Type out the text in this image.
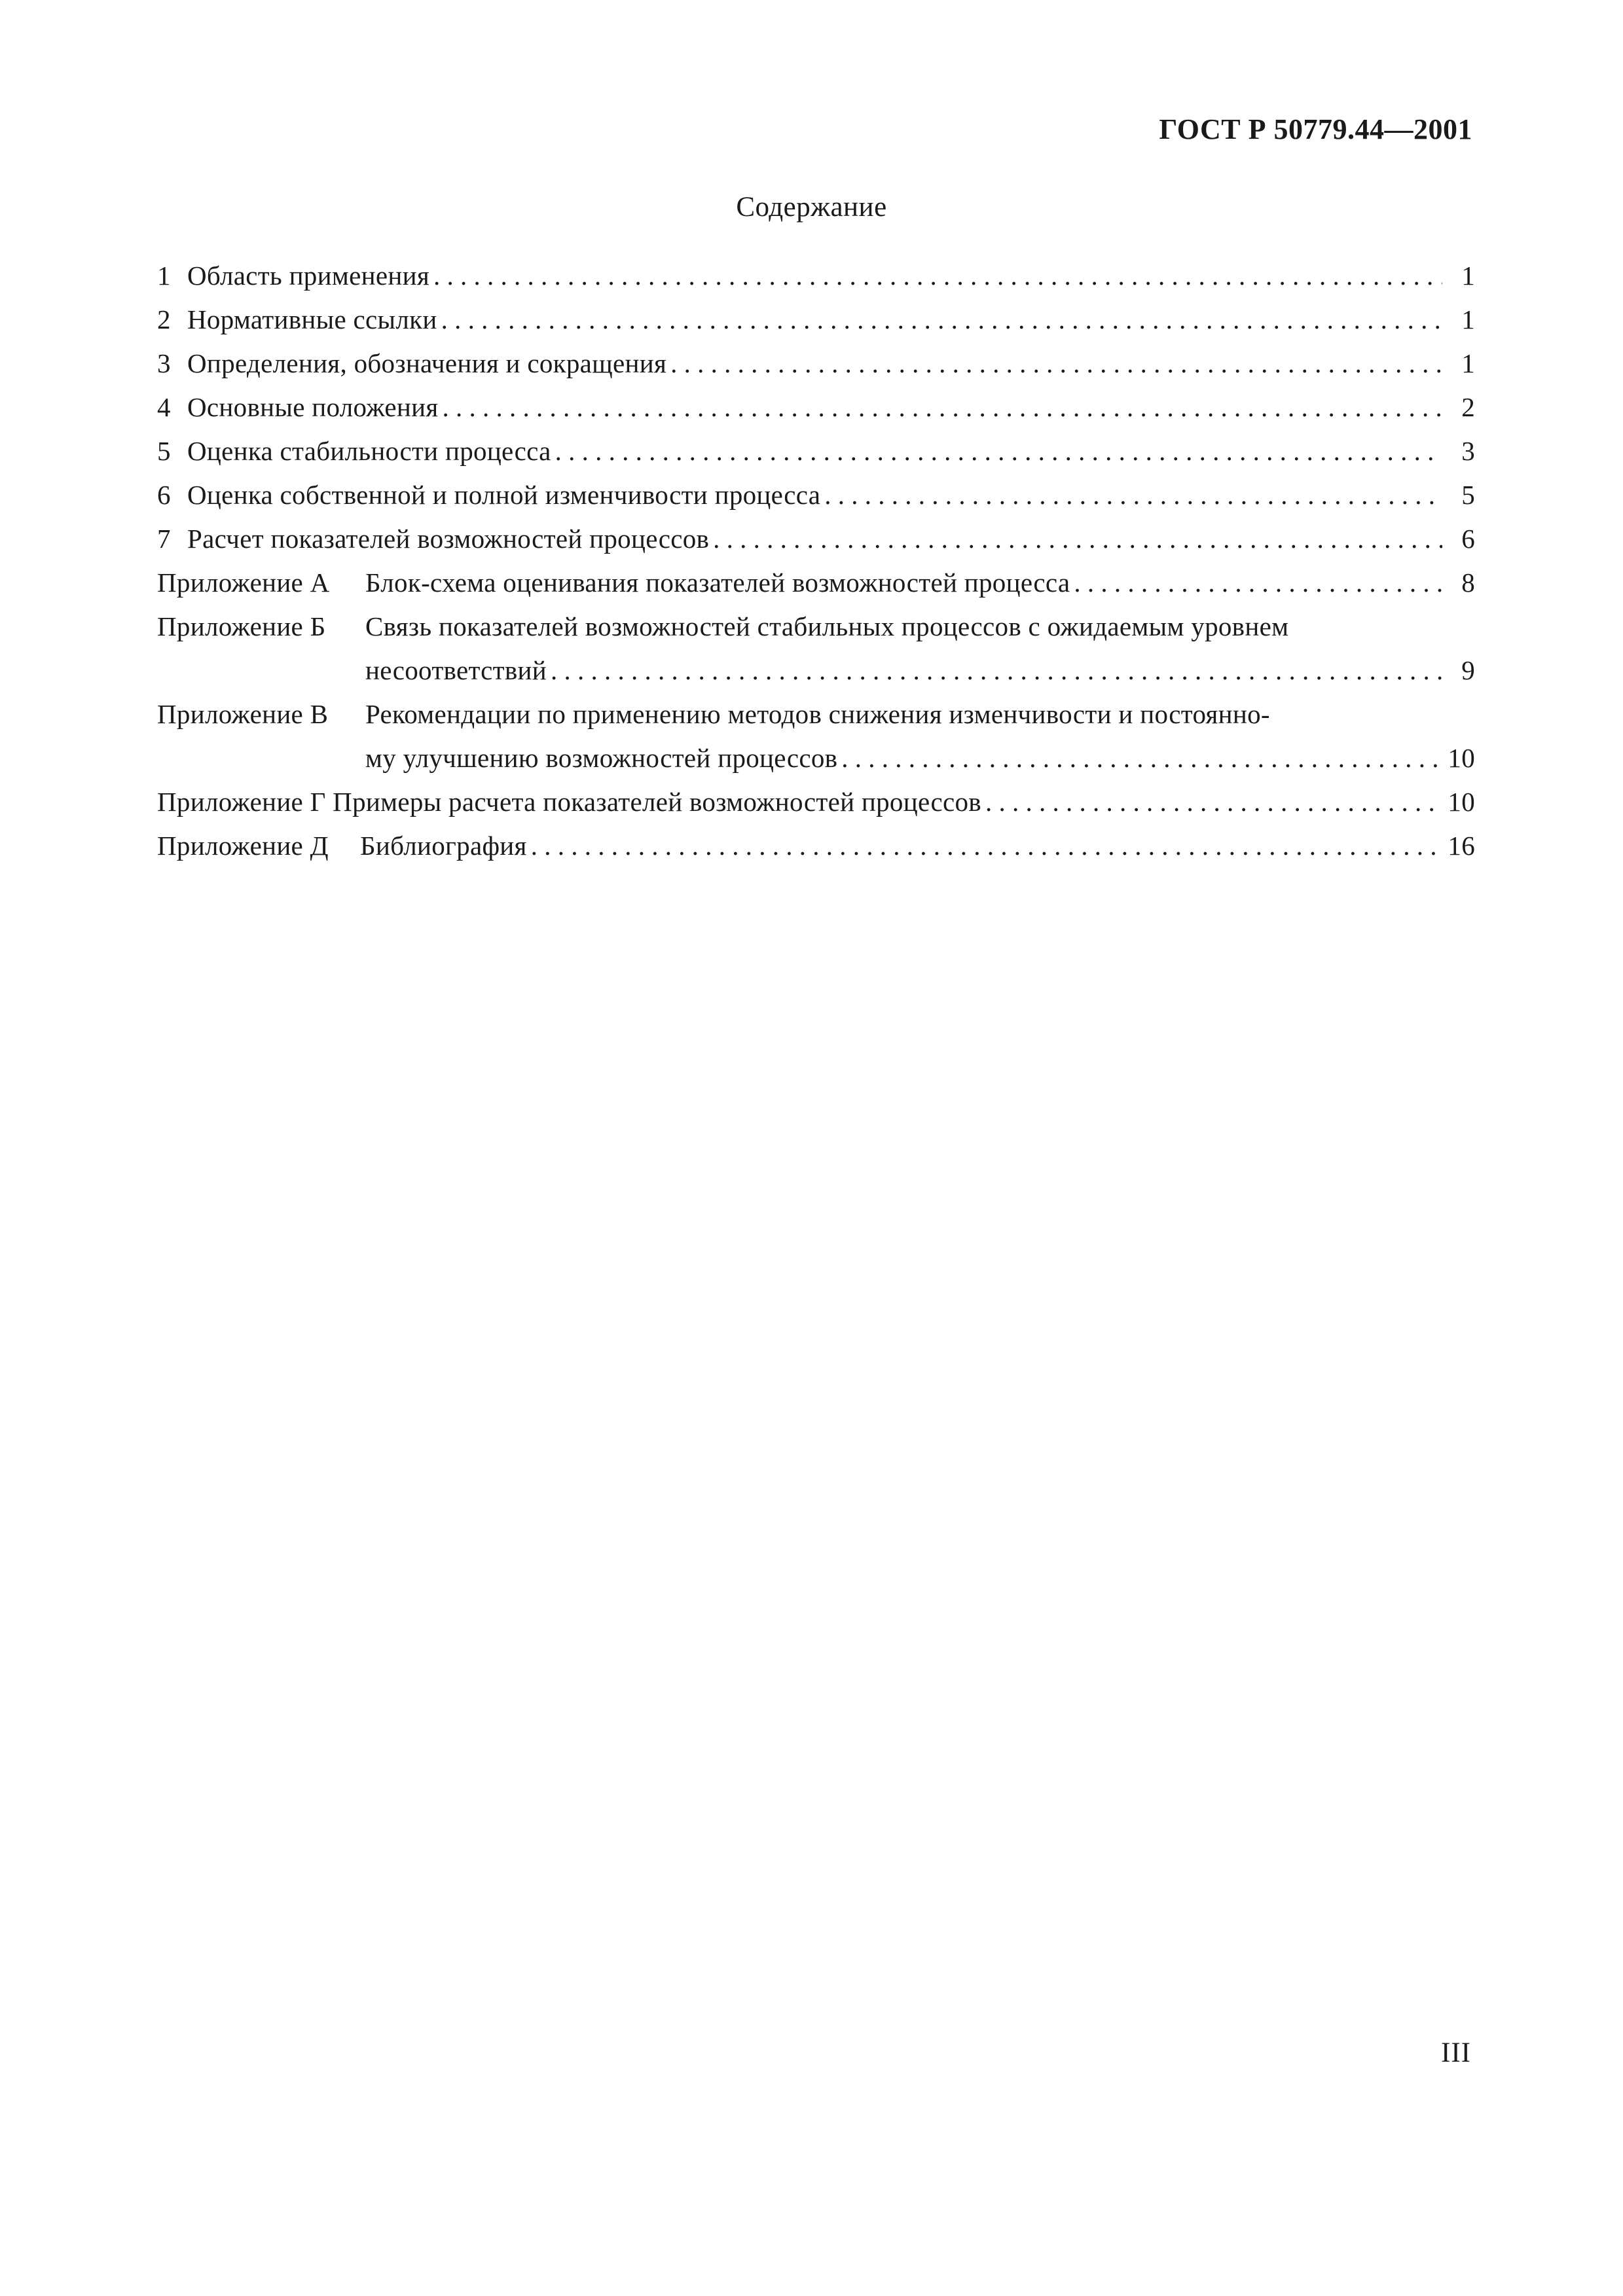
ГОСТ Р 50779.44—2001
Содержание
1 Область применения . . .	1
2 Нормативные ссылки . . .	1
3 Определения, обозначения и сокращения . . .	1
4 Основные положения . . .	2
5 Оценка стабильности процесса . . .	3
6 Оценка собственной и полной изменчивости процесса . . .	5
7 Расчет показателей возможностей процессов . . .	6
Приложение А Блок-схема оценивания показателей возможностей процесса . . .	8
Приложение Б Связь показателей возможностей стабильных процессов с ожидаемым уровнем
несоответствий . . .	9
Приложение В Рекомендации по применению методов снижения изменчивости и постоянно-
му улучшению возможностей процессов . . .	10
Приложение Г Примеры расчета показателей возможностей процессов . . .	10
Приложение Д Библиография . . .	16
III
